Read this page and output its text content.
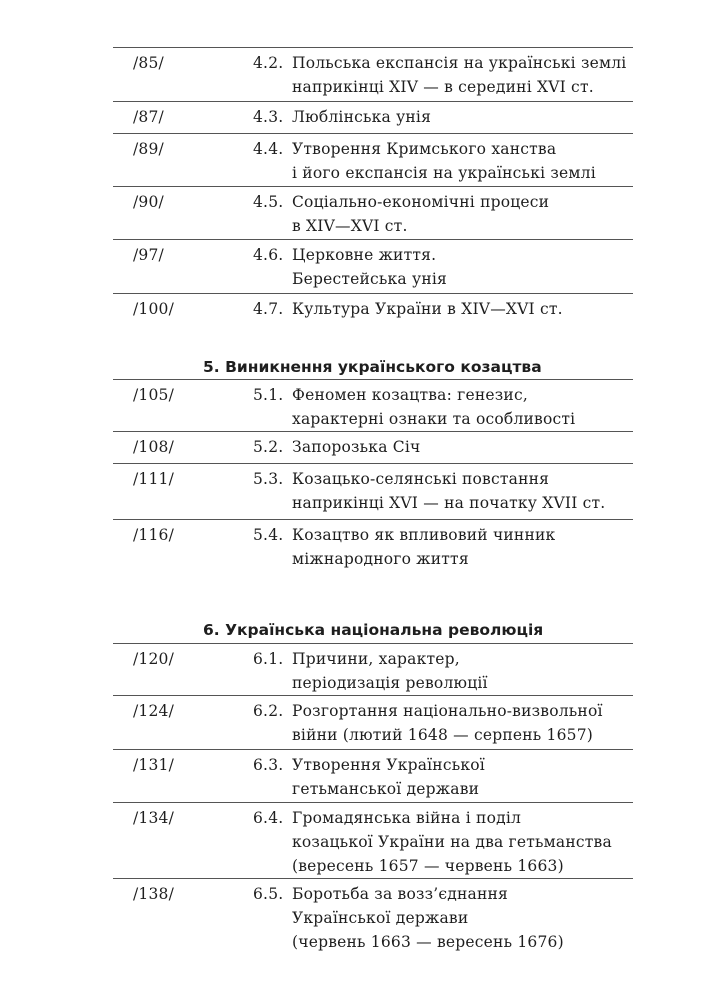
/85/	4.2. Польська експансія на українські землі
наприкінці XIV — в середині XVI ст.
/87/	4.3. Люблінська унія
/89/	4.4. Утворення Кримського ханства
і його експансія на українські землі
/90/	4.5. Соціально-економічні процеси
в XIV—XVI ст.
/97/	4.6. Церковне життя.
Берестейська унія
/100/	4.7. Культура України в XIV—XVI ст.
5. Виникнення українського козацтва
/105/	5.1. Феномен козацтва: генезис,
характерні ознаки та особливості
/108/	5.2. Запорозька Січ
/111/	5.3. Козацько-селянські повстання
наприкінці XVI — на початку XVII ст.
/116/	5.4. Козацтво як впливовий чинник
міжнародного життя
6. Українська національна революція
/120/	6.1. Причини, характер,
періодизація революції
/124/	6.2. Розгортання національно-визвольної
війни (лютий 1648 — серпень 1657)
/131/	6.3. Утворення Української
гетьманської держави
/134/	6.4. Громадянська війна і поділ
козацької України на два гетьманства
(вересень 1657 — червень 1663)
/138/	6.5. Боротьба за возз’єднання
Української держави
(червень 1663 — вересень 1676)
